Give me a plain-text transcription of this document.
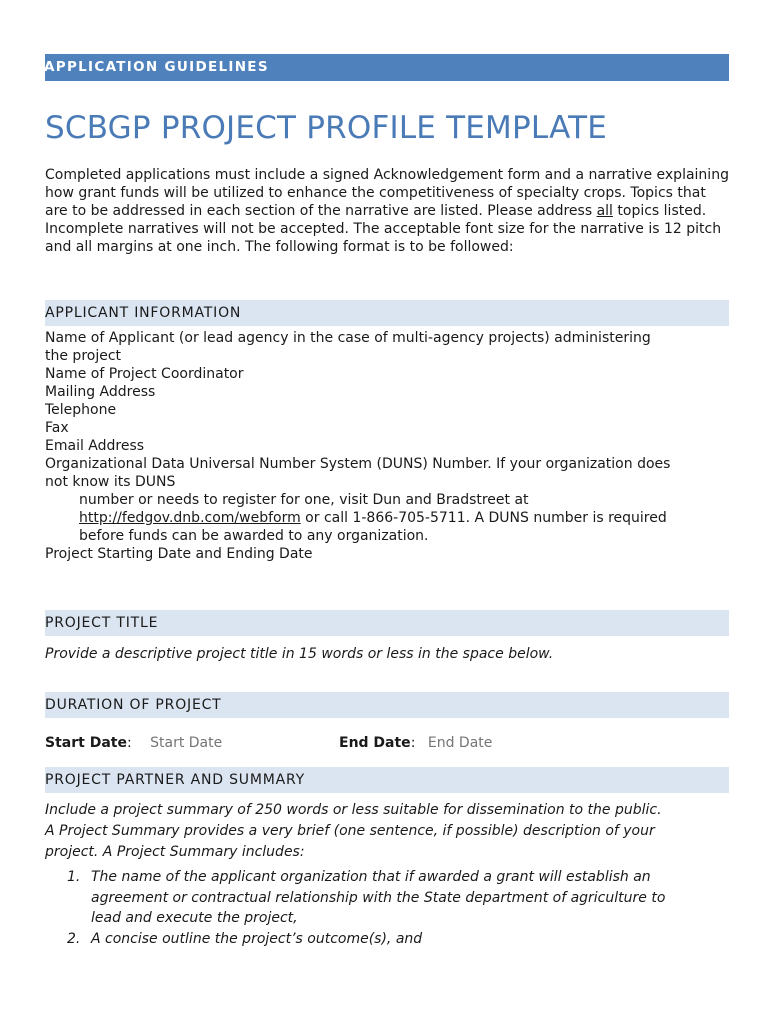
APPLICATION GUIDELINES
SCBGP PROJECT PROFILE TEMPLATE
Completed applications must include a signed Acknowledgement form and a narrative explaining how grant funds will be utilized to enhance the competitiveness of specialty crops. Topics that are to be addressed in each section of the narrative are listed. Please address all topics listed. Incomplete narratives will not be accepted. The acceptable font size for the narrative is 12 pitch and all margins at one inch. The following format is to be followed:
APPLICANT INFORMATION
Name of Applicant (or lead agency in the case of multi-agency projects) administering
the project
Name of Project Coordinator
Mailing Address
Telephone
Fax
Email Address
Organizational Data Universal Number System (DUNS) Number. If your organization does
not know its DUNS
number or needs to register for one, visit Dun and Bradstreet at
http://fedgov.dnb.com/webform or call 1-866-705-5711. A DUNS number is required
before funds can be awarded to any organization.
Project Starting Date and Ending Date
PROJECT TITLE
Provide a descriptive project title in 15 words or less in the space below.
DURATION OF PROJECT
Start Date: Start Date	End Date: End Date
PROJECT PARTNER AND SUMMARY
Include a project summary of 250 words or less suitable for dissemination to the public.
A Project Summary provides a very brief (one sentence, if possible) description of your
project. A Project Summary includes:
1. The name of the applicant organization that if awarded a grant will establish an
agreement or contractual relationship with the State department of agriculture to
lead and execute the project,
2. A concise outline the project’s outcome(s), and
